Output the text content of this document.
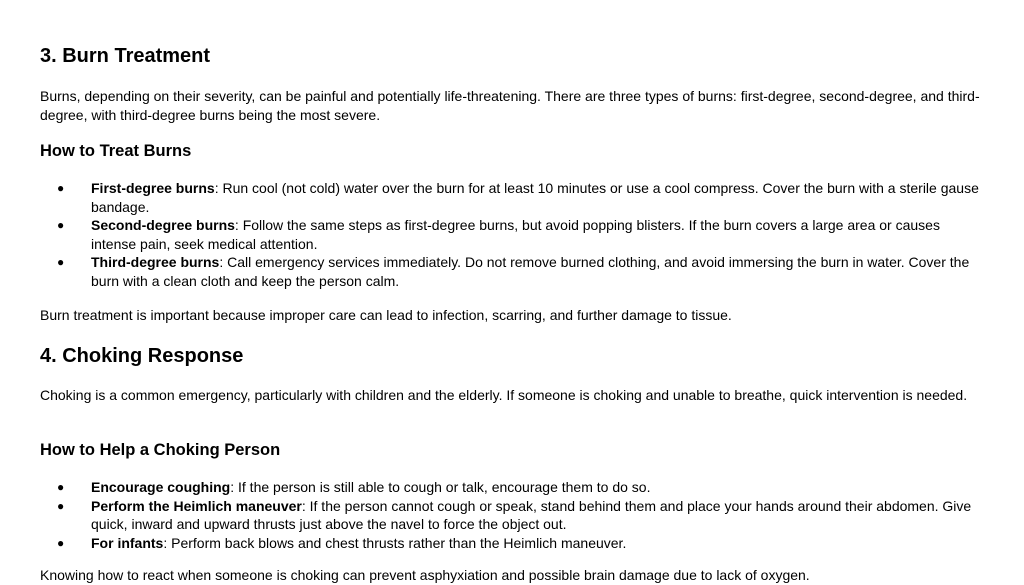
3. Burn Treatment

Burns, depending on their severity, can be painful and potentially life-threatening. There are three types of burns: first-degree, second-degree, and third-degree, with third-degree burns being the most severe.

How to Treat Burns
● First-degree burns: Run cool (not cold) water over the burn for at least 10 minutes or use a cool compress. Cover the burn with a sterile gause bandage.
● Second-degree burns: Follow the same steps as first-degree burns, but avoid popping blisters. If the burn covers a large area or causes intense pain, seek medical attention.
● Third-degree burns: Call emergency services immediately. Do not remove burned clothing, and avoid immersing the burn in water. Cover the burn with a clean cloth and keep the person calm.

Burn treatment is important because improper care can lead to infection, scarring, and further damage to tissue.

4. Choking Response

Choking is a common emergency, particularly with children and the elderly. If someone is choking and unable to breathe, quick intervention is needed.

How to Help a Choking Person
● Encourage coughing: If the person is still able to cough or talk, encourage them to do so.
● Perform the Heimlich maneuver: If the person cannot cough or speak, stand behind them and place your hands around their abdomen. Give quick, inward and upward thrusts just above the navel to force the object out.
● For infants: Perform back blows and chest thrusts rather than the Heimlich maneuver.

Knowing how to react when someone is choking can prevent asphyxiation and possible brain damage due to lack of oxygen.
